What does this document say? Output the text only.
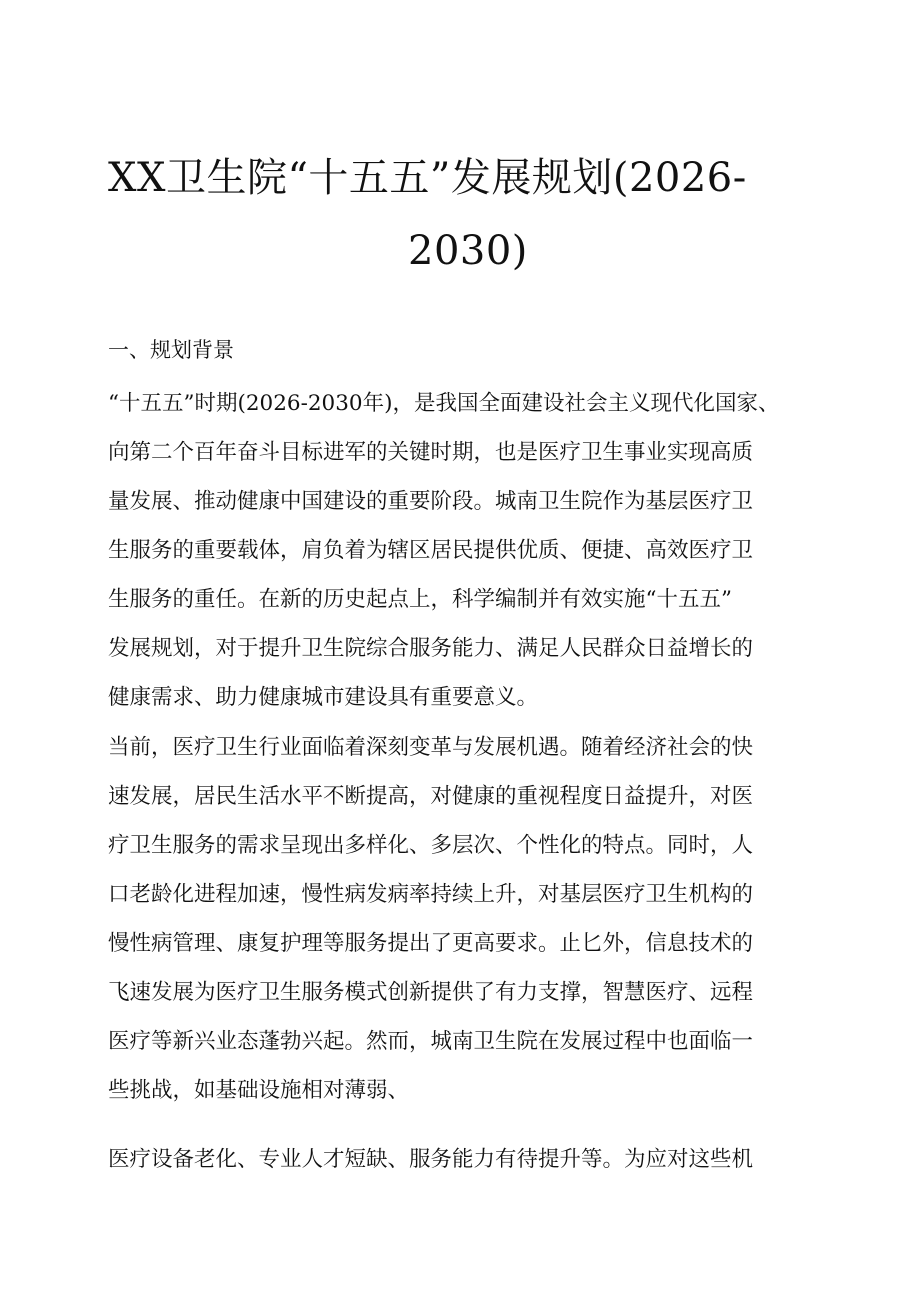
XX卫生院“十五五”发展规划(2026-
2030)
一、规划背景
“十五五”时期(2026-2030年)，是我国全面建设社会主义现代化国家、
向第二个百年奋斗目标进军的关键时期，也是医疗卫生事业实现高质
量发展、推动健康中国建设的重要阶段。城南卫生院作为基层医疗卫
生服务的重要载体，肩负着为辖区居民提供优质、便捷、高效医疗卫
生服务的重任。在新的历史起点上，科学编制并有效实施“十五五”
发展规划，对于提升卫生院综合服务能力、满足人民群众日益增长的
健康需求、助力健康城市建设具有重要意义。
当前，医疗卫生行业面临着深刻变革与发展机遇。随着经济社会的快
速发展，居民生活水平不断提高，对健康的重视程度日益提升，对医
疗卫生服务的需求呈现出多样化、多层次、个性化的特点。同时，人
口老龄化进程加速，慢性病发病率持续上升，对基层医疗卫生机构的
慢性病管理、康复护理等服务提出了更高要求。止匕外，信息技术的
飞速发展为医疗卫生服务模式创新提供了有力支撑，智慧医疗、远程
医疗等新兴业态蓬勃兴起。然而，城南卫生院在发展过程中也面临一
些挑战，如基础设施相对薄弱、
医疗设备老化、专业人才短缺、服务能力有待提升等。为应对这些机
